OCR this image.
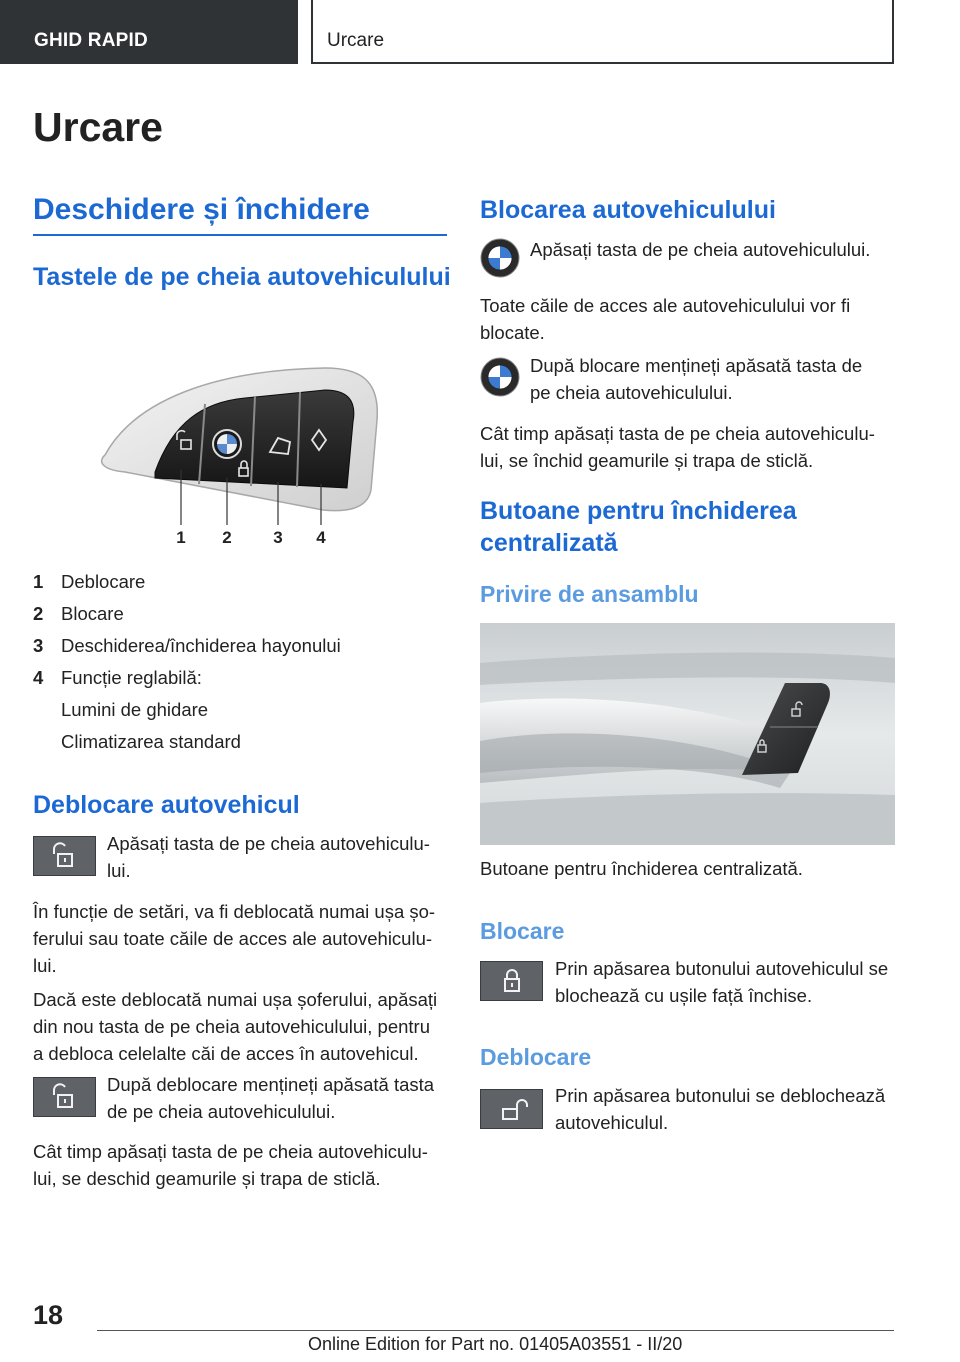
GHID RAPID	Urcare
Urcare
Deschidere și închidere
Tastele de pe cheia autovehiculului
1 2 3 4
1 Deblocare
2 Blocare
3 Deschiderea/închiderea hayonului
4 Funcție reglabilă:
Lumini de ghidare
Climatizarea standard
Deblocare autovehicul

Apăsați tasta de pe cheia autovehiculu-

lui.

În funcție de setări, va fi deblocată numai ușa șo-

ferului sau toate căile de acces ale autovehiculu-

lui.

Dacă este deblocată numai ușa șoferului, apăsați

din nou tasta de pe cheia autovehiculului, pentru

a debloca celelalte căi de acces în autovehicul.

După deblocare mențineți apăsată tasta

de pe cheia autovehiculului.

Cât timp apăsați tasta de pe cheia autovehiculu-

lui, se deschid geamurile și trapa de sticlă.

Blocarea autovehiculului

Apăsați tasta de pe cheia autovehiculului.

Toate căile de acces ale autovehiculului vor fi

blocate.

După blocare mențineți apăsată tasta de

pe cheia autovehiculului.

Cât timp apăsați tasta de pe cheia autovehiculu-

lui, se închid geamurile și trapa de sticlă.

Butoane pentru închiderea
centralizată
Privire de ansamblu

Butoane pentru închiderea centralizată.

Blocare

Prin apăsarea butonului autovehiculul se

blochează cu ușile față închise.

Deblocare

Prin apăsarea butonului se deblochează

autovehiculul.

18
Online Edition for Part no. 01405A03551 - II/20
